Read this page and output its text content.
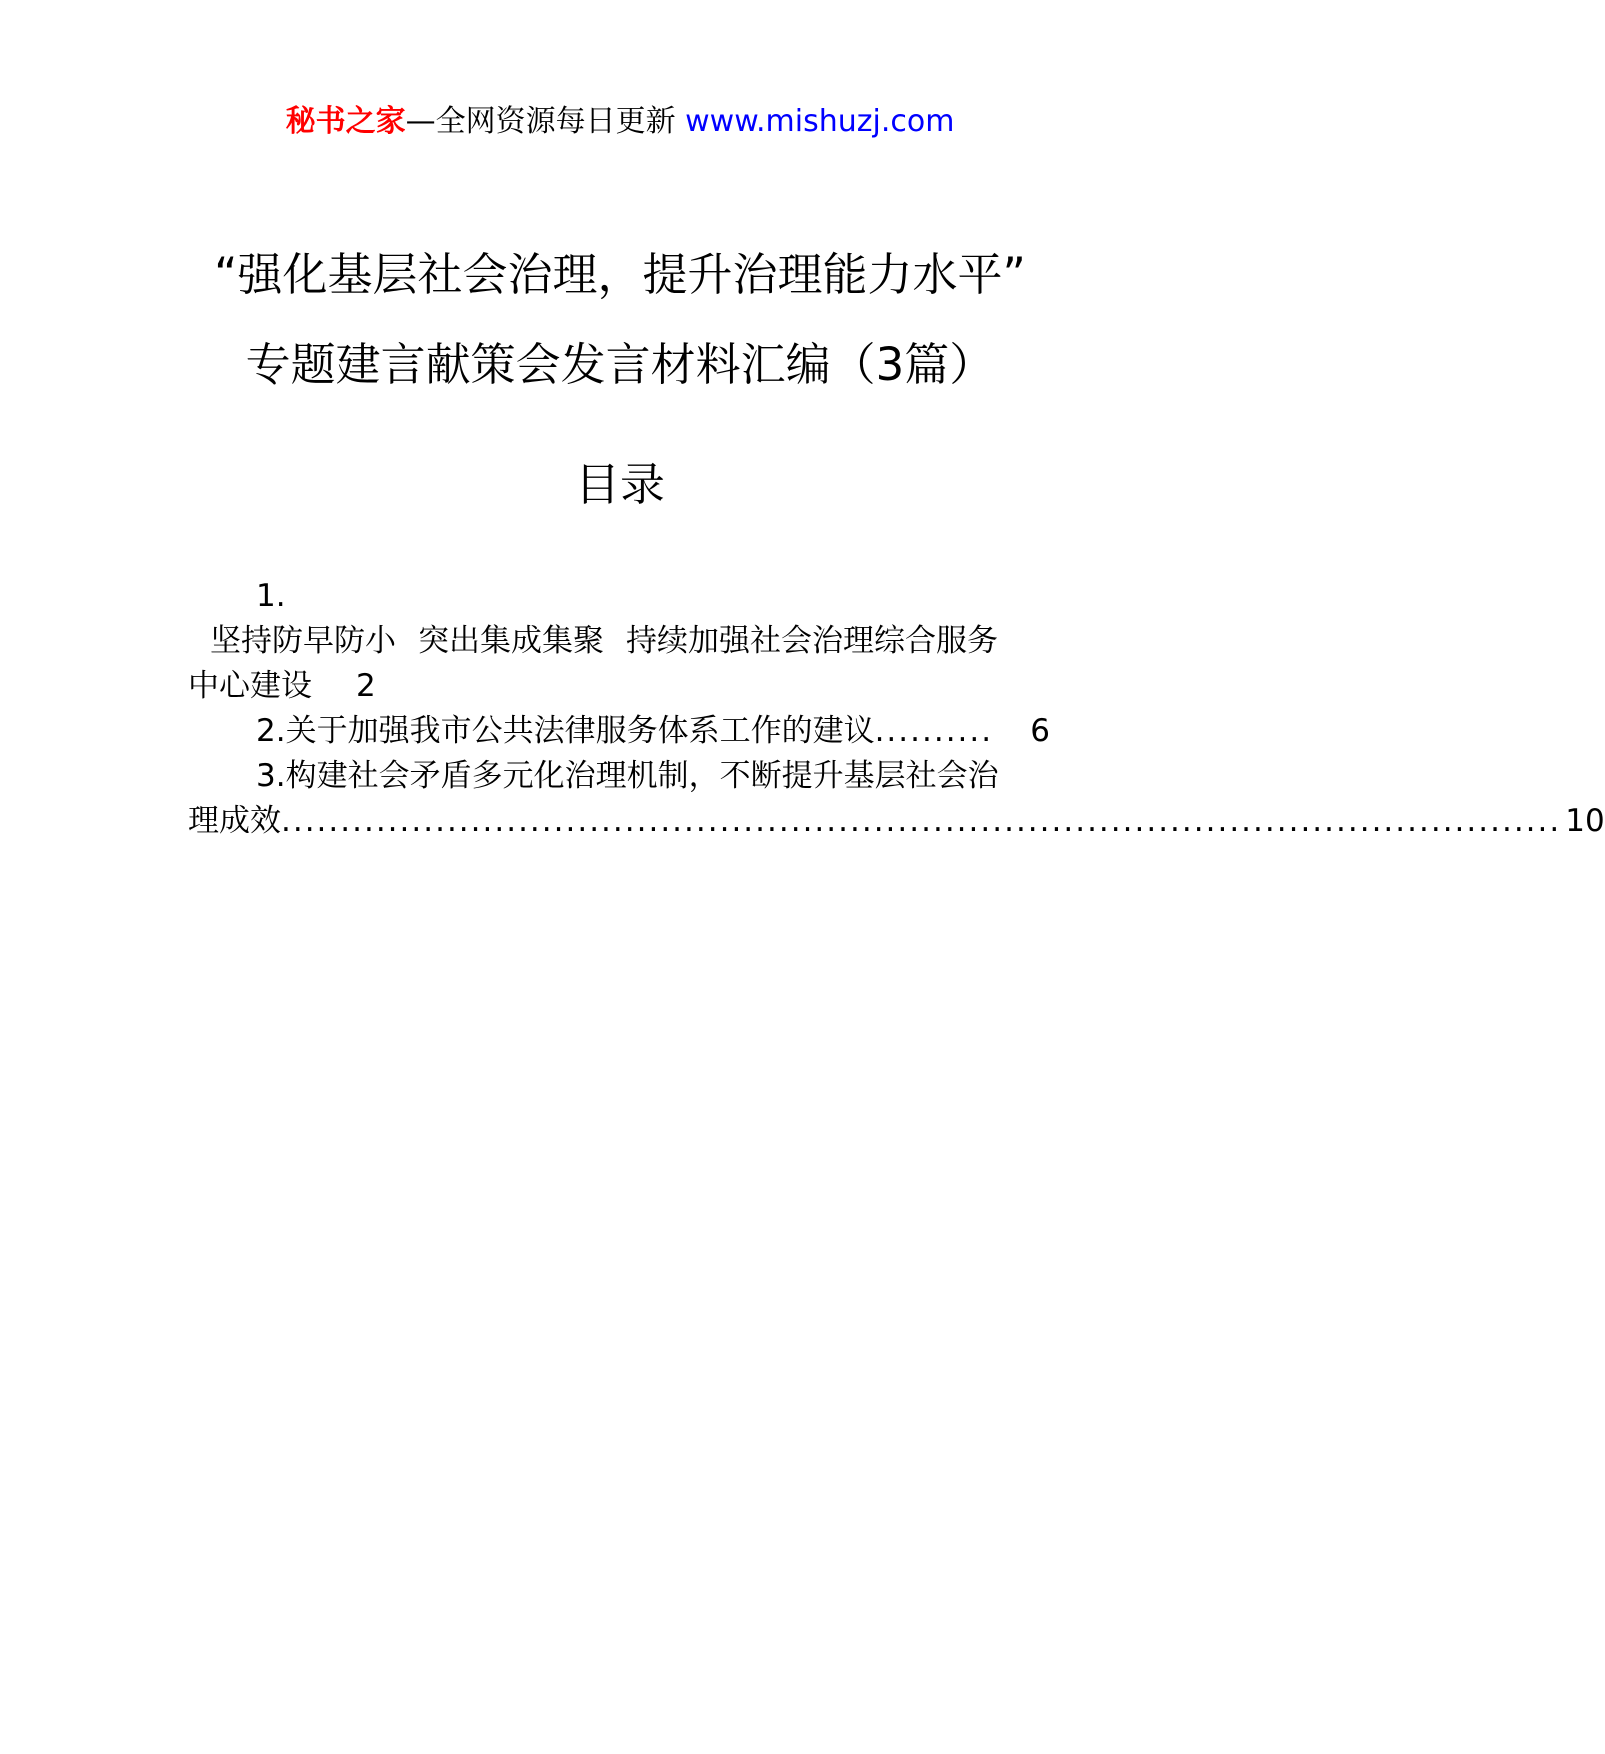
秘书之家—全网资源每日更新 www.mishuzj.com
“强化基层社会治理，提升治理能力水平”
专题建言献策会发言材料汇编（3篇）
目录
1.
坚持防早防小 突出集成集聚 持续加强社会治理综合服务
中心建设 2
2.关于加强我市公共法律服务体系工作的建议 ..........	6
3.构建社会矛盾多元化治理机制，不断提升基层社会治
理成效 ............................................................................................................ 10
